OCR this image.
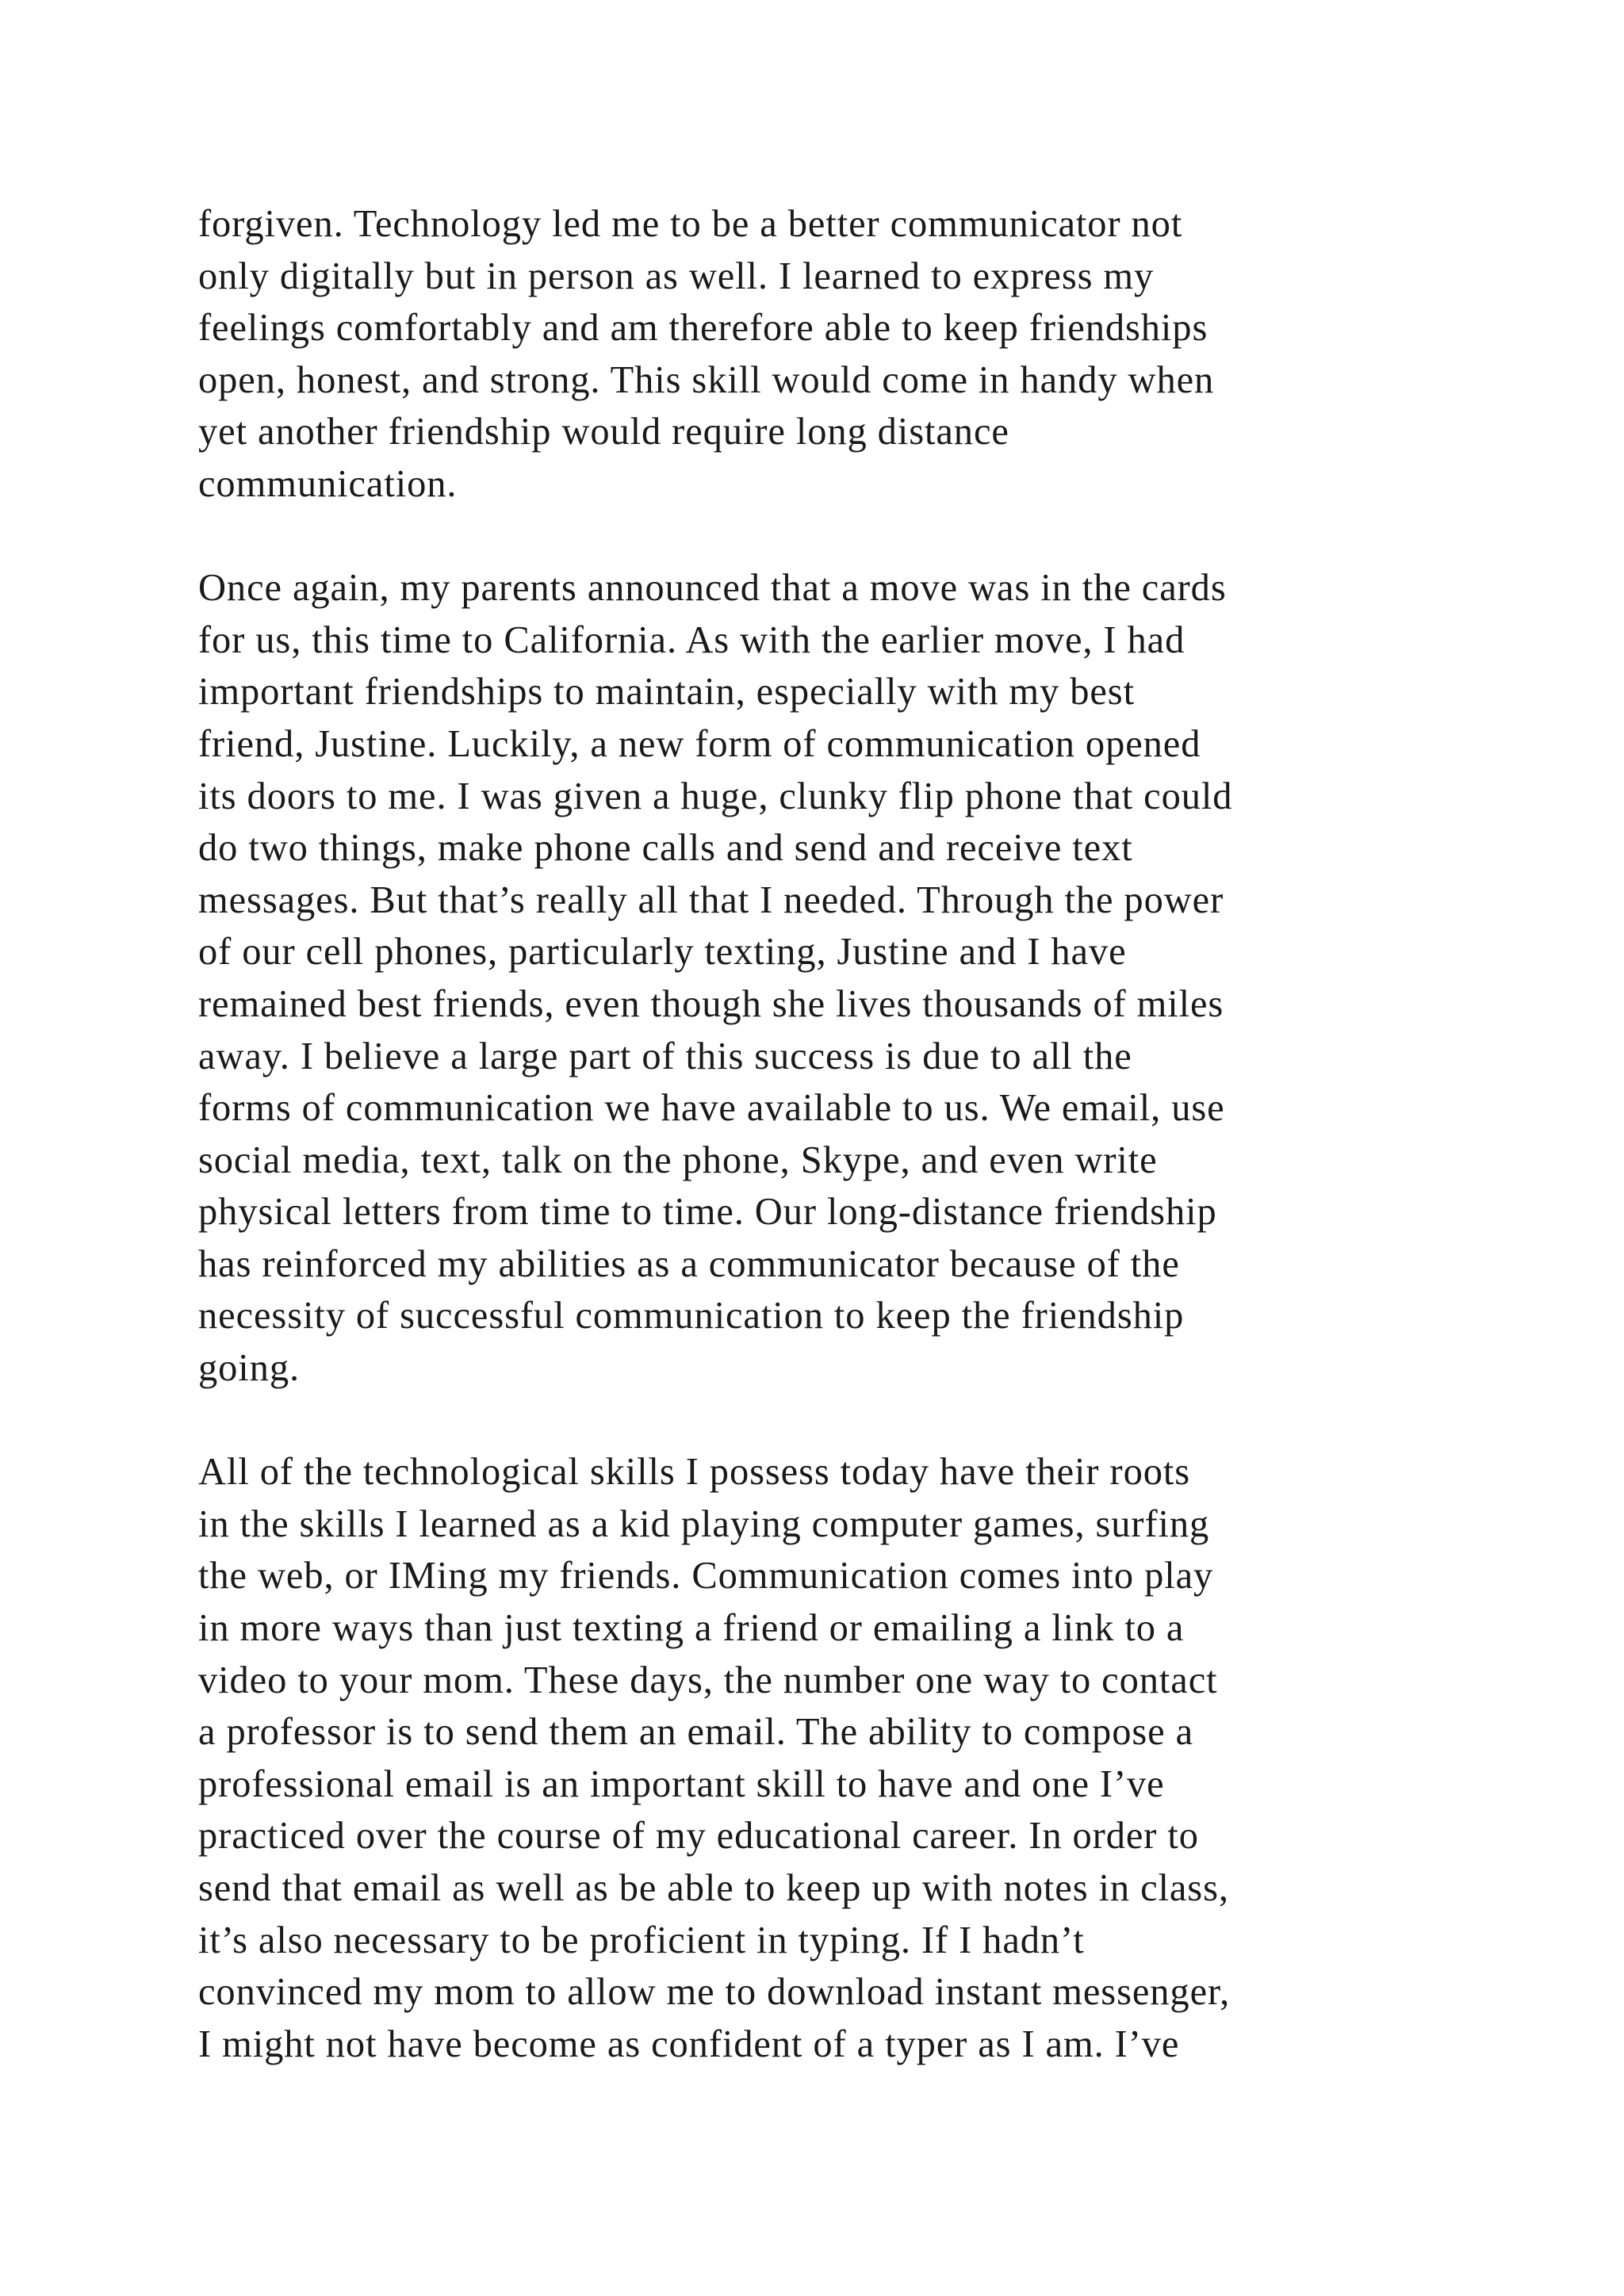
forgiven. Technology led me to be a better communicator not
only digitally but in person as well. I learned to express my
feelings comfortably and am therefore able to keep friendships
open, honest, and strong. This skill would come in handy when
yet another friendship would require long distance
communication.
Once again, my parents announced that a move was in the cards
for us, this time to California. As with the earlier move, I had
important friendships to maintain, especially with my best
friend, Justine. Luckily, a new form of communication opened
its doors to me. I was given a huge, clunky flip phone that could
do two things, make phone calls and send and receive text
messages. But that’s really all that I needed. Through the power
of our cell phones, particularly texting, Justine and I have
remained best friends, even though she lives thousands of miles
away. I believe a large part of this success is due to all the
forms of communication we have available to us. We email, use
social media, text, talk on the phone, Skype, and even write
physical letters from time to time. Our long-distance friendship
has reinforced my abilities as a communicator because of the
necessity of successful communication to keep the friendship
going.
All of the technological skills I possess today have their roots
in the skills I learned as a kid playing computer games, surfing
the web, or IMing my friends. Communication comes into play
in more ways than just texting a friend or emailing a link to a
video to your mom. These days, the number one way to contact
a professor is to send them an email. The ability to compose a
professional email is an important skill to have and one I’ve
practiced over the course of my educational career. In order to
send that email as well as be able to keep up with notes in class,
it’s also necessary to be proficient in typing. If I hadn’t
convinced my mom to allow me to download instant messenger,
I might not have become as confident of a typer as I am. I’ve
